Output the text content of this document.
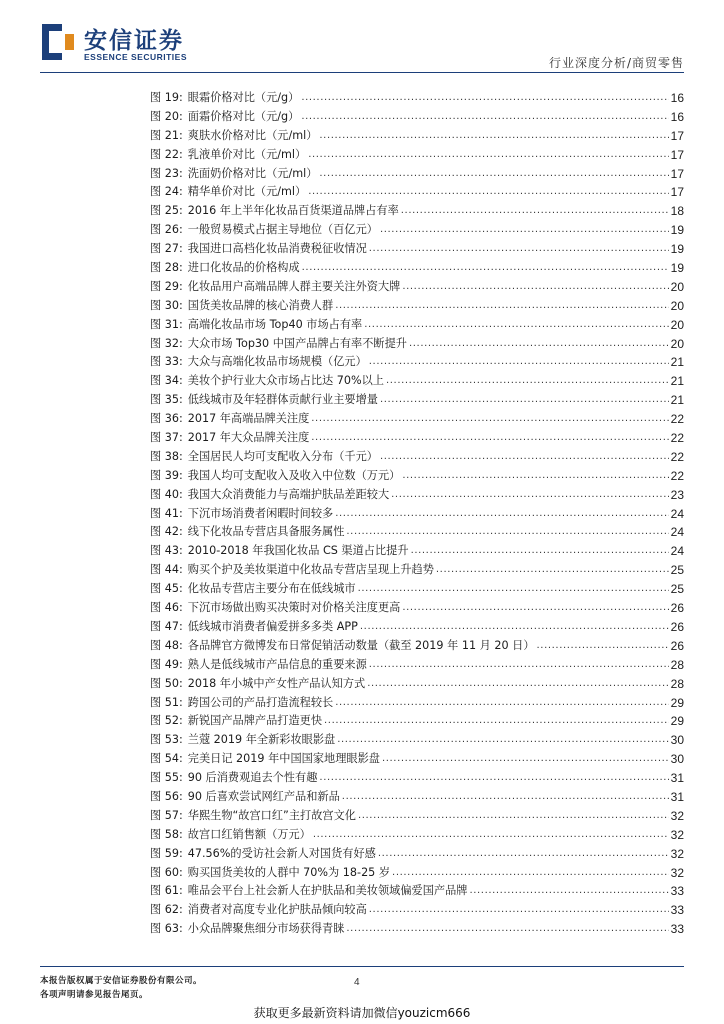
安信证券
ESSENCE SECURITIES	行业深度分析/商贸零售
图 19: 眼霜价格对比（元/g） .....	16
图 20: 面霜价格对比（元/g） .....	16
图 21: 爽肤水价格对比（元/ml） .....	17
图 22: 乳液单价对比（元/ml） .....	17
图 23: 洗面奶价格对比（元/ml） .....	17
图 24: 精华单价对比（元/ml） .....	17
图 25: 2016 年上半年化妆品百货渠道品牌占有率 .....	18
图 26: 一般贸易模式占据主导地位（百亿元） .....	19
图 27: 我国进口高档化妆品消费税征收情况 .....	19
图 28: 进口化妆品的价格构成 .....	19
图 29: 化妆品用户高端品牌人群主要关注外资大牌 .....	20
图 30: 国货美妆品牌的核心消费人群 .....	20
图 31: 高端化妆品市场 Top40 市场占有率 .....	20
图 32: 大众市场 Top30 中国产品牌占有率不断提升 .....	20
图 33: 大众与高端化妆品市场规模（亿元） .....	21
图 34: 美妆个护行业大众市场占比达 70%以上 .....	21
图 35: 低线城市及年轻群体贡献行业主要增量 .....	21
图 36: 2017 年高端品牌关注度 .....	22
图 37: 2017 年大众品牌关注度 .....	22
图 38: 全国居民人均可支配收入分布（千元） .....	22
图 39: 我国人均可支配收入及收入中位数（万元） .....	22
图 40: 我国大众消费能力与高端护肤品差距较大 .....	23
图 41: 下沉市场消费者闲暇时间较多 .....	24
图 42: 线下化妆品专营店具备服务属性 .....	24
图 43: 2010-2018 年我国化妆品 CS 渠道占比提升 .....	24
图 44: 购买个护及美妆渠道中化妆品专营店呈现上升趋势 .....	25
图 45: 化妆品专营店主要分布在低线城市 .....	25
图 46: 下沉市场做出购买决策时对价格关注度更高 .....	26
图 47: 低线城市消费者偏爱拼多多类 APP .....	26
图 48: 各品牌官方微博发布日常促销活动数量（截至 2019 年 11 月 20 日） .....	26
图 49: 熟人是低线城市产品信息的重要来源 .....	28
图 50: 2018 年小城中产女性产品认知方式 .....	28
图 51: 跨国公司的产品打造流程较长 .....	29
图 52: 新锐国产品牌产品打造更快 .....	29
图 53: 兰蔻 2019 年全新彩妆眼影盘 .....	30
图 54: 完美日记 2019 年中国国家地理眼影盘 .....	30
图 55: 90 后消费观追去个性有趣 .....	31
图 56: 90 后喜欢尝试网红产品和新品 .....	31
图 57: 华熙生物“故宫口红”主打故宫文化 .....	32
图 58: 故宫口红销售额（万元） .....	32
图 59: 47.56%的受访社会新人对国货有好感 .....	32
图 60: 购买国货美妆的人群中 70%为 18-25 岁 .....	32
图 61: 唯品会平台上社会新人在护肤品和美妆领域偏爱国产品牌 .....	33
图 62: 消费者对高度专业化护肤品倾向较高 .....	33
图 63: 小众品牌聚焦细分市场获得青睐 .....	33
本报告版权属于安信证券股份有限公司。
各项声明请参见报告尾页。
4
获取更多最新资料请加微信youzicm666
